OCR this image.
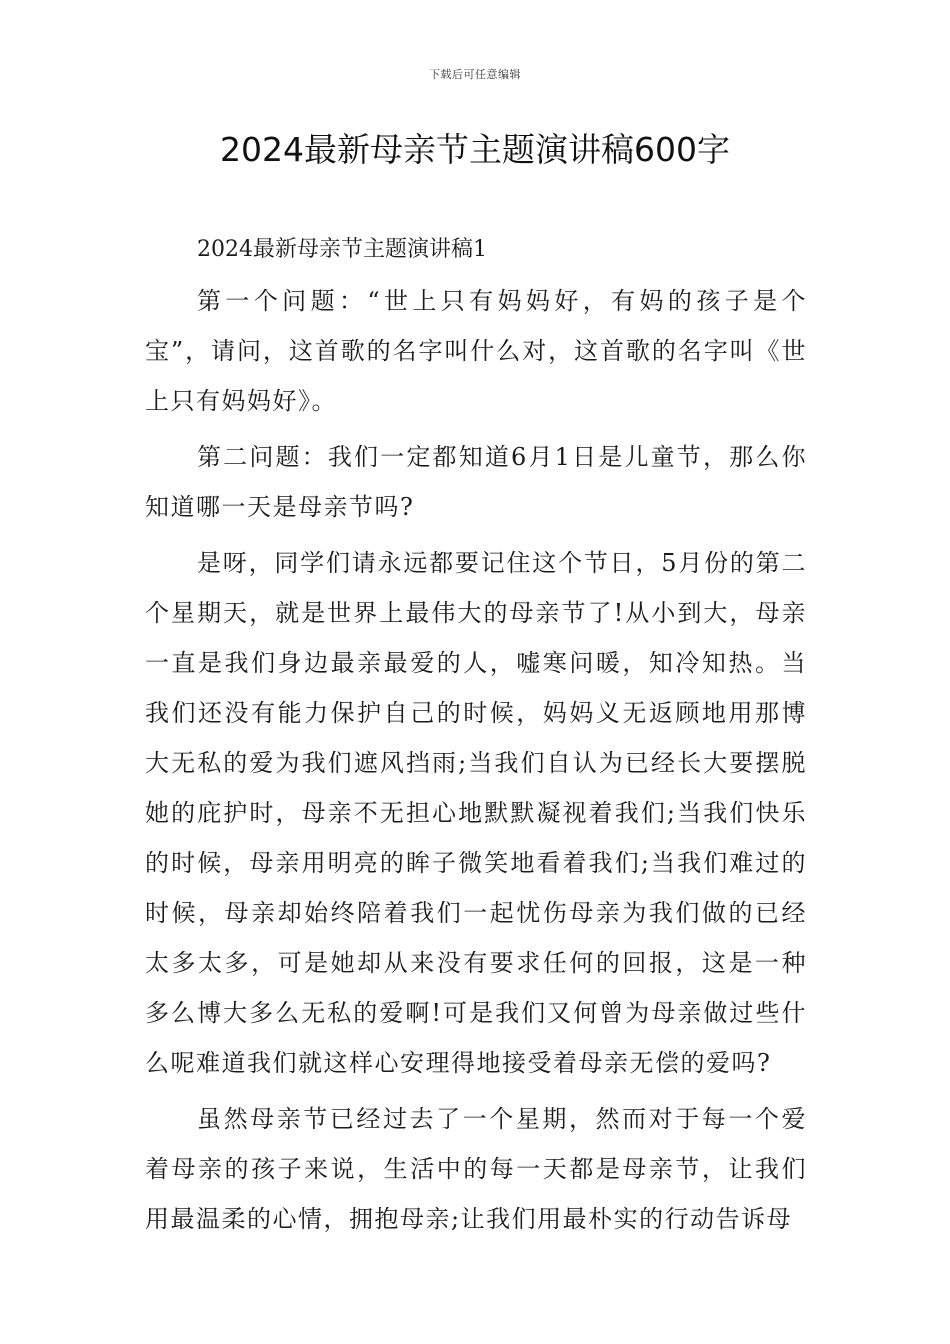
下载后可任意编辑
2024最新母亲节主题演讲稿600字

2024最新母亲节主题演讲稿1

第一个问题：“世上只有妈妈好，有妈的孩子是个宝”，请问，这首歌的名字叫什么对，这首歌的名字叫《世上只有妈妈好》。

第二问题：我们一定都知道6月1日是儿童节，那么你知道哪一天是母亲节吗?

是呀，同学们请永远都要记住这个节日，5月份的第二个星期天，就是世界上最伟大的母亲节了!从小到大，母亲一直是我们身边最亲最爱的人，嘘寒问暖，知冷知热。当我们还没有能力保护自己的时候，妈妈义无返顾地用那博大无私的爱为我们遮风挡雨;当我们自认为已经长大要摆脱她的庇护时，母亲不无担心地默默凝视着我们;当我们快乐的时候，母亲用明亮的眸子微笑地看着我们;当我们难过的时候，母亲却始终陪着我们一起忧伤母亲为我们做的已经太多太多，可是她却从来没有要求任何的回报，这是一种多么博大多么无私的爱啊!可是我们又何曾为母亲做过些什么呢难道我们就这样心安理得地接受着母亲无偿的爱吗?

虽然母亲节已经过去了一个星期，然而对于每一个爱着母亲的孩子来说，生活中的每一天都是母亲节，让我们用最温柔的心情，拥抱母亲;让我们用最朴实的行动告诉母
